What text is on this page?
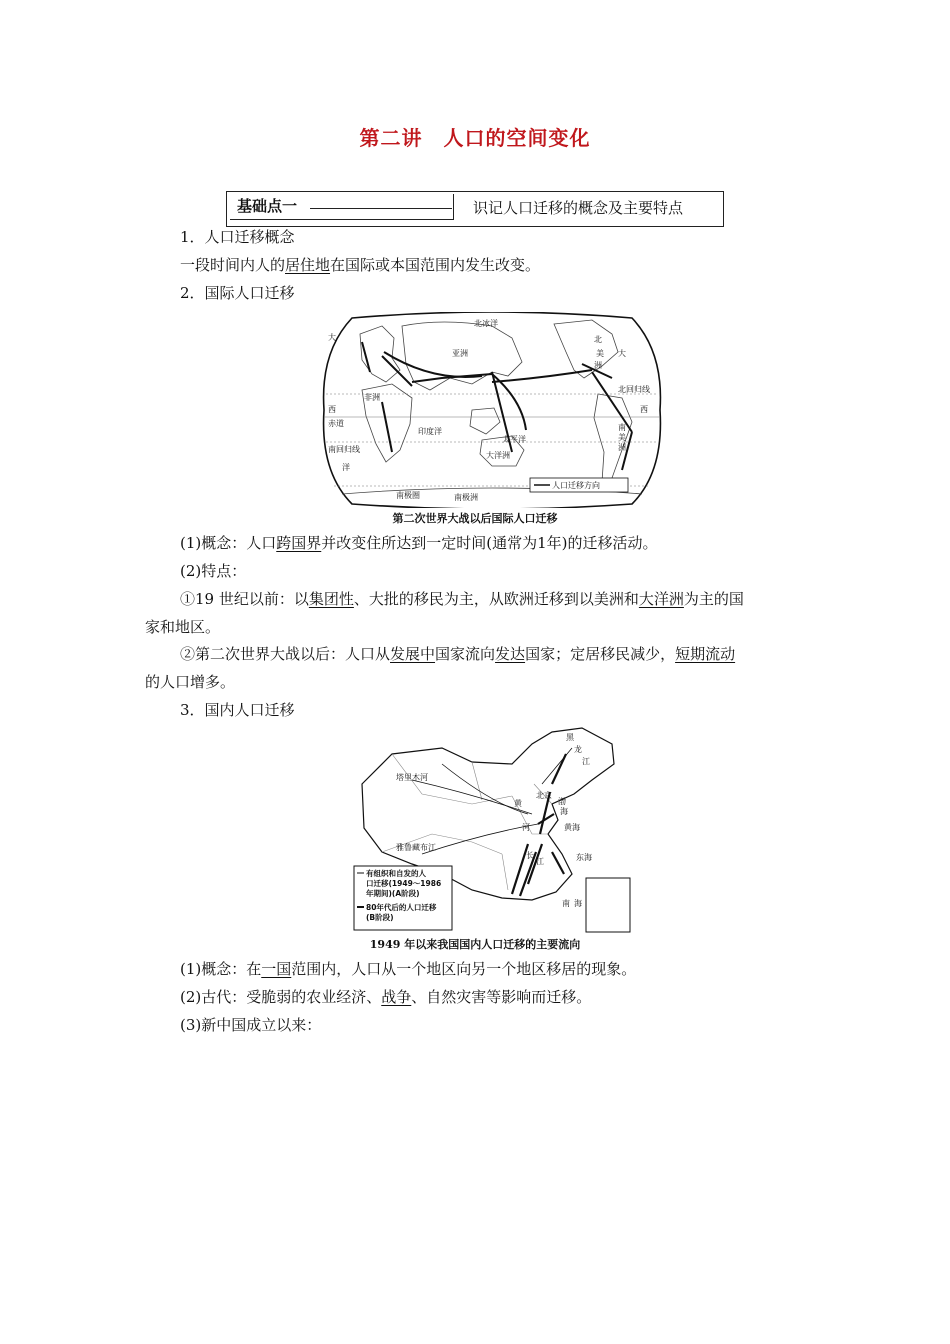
第二讲　人口的空间变化
基础点一	识记人口迁移的概念及主要特点
1．人口迁移概念
一段时间内人的居住地在国际或本国范围内发生改变。
2．国际人口迁移
北冰洋
亚洲
北
美
洲
大
北回归线
西
非洲
印度洋
太平洋
赤道	南
美
洲
大洋洲
南回归线
洋
南极圈	南极洲
大
西
人口迁移方向
第二次世界大战以后国际人口迁移
(1)概念：人口跨国界并改变住所达到一定时间(通常为1年)的迁移活动。
(2)特点：
①19 世纪以前：以集团性、大批的移民为主，从欧洲迁移到以美洲和大洋洲为主的国
家和地区。
②第二次世界大战以后：人口从发展中国家流向发达国家；定居移民减少，短期流动
的人口增多。
3．国内人口迁移
塔里木河
雅鲁藏布江
黑
龙
江
北京
黄
河
渤
海
黄海
长
江	东海
南 海
有组织和自发的人
口迁移(1949～1986
年期间)(A阶段)
80年代后的人口迁移
(B阶段)
1949 年以来我国国内人口迁移的主要流向
(1)概念：在一国范围内，人口从一个地区向另一个地区移居的现象。
(2)古代：受脆弱的农业经济、战争、自然灾害等影响而迁移。
(3)新中国成立以来：
